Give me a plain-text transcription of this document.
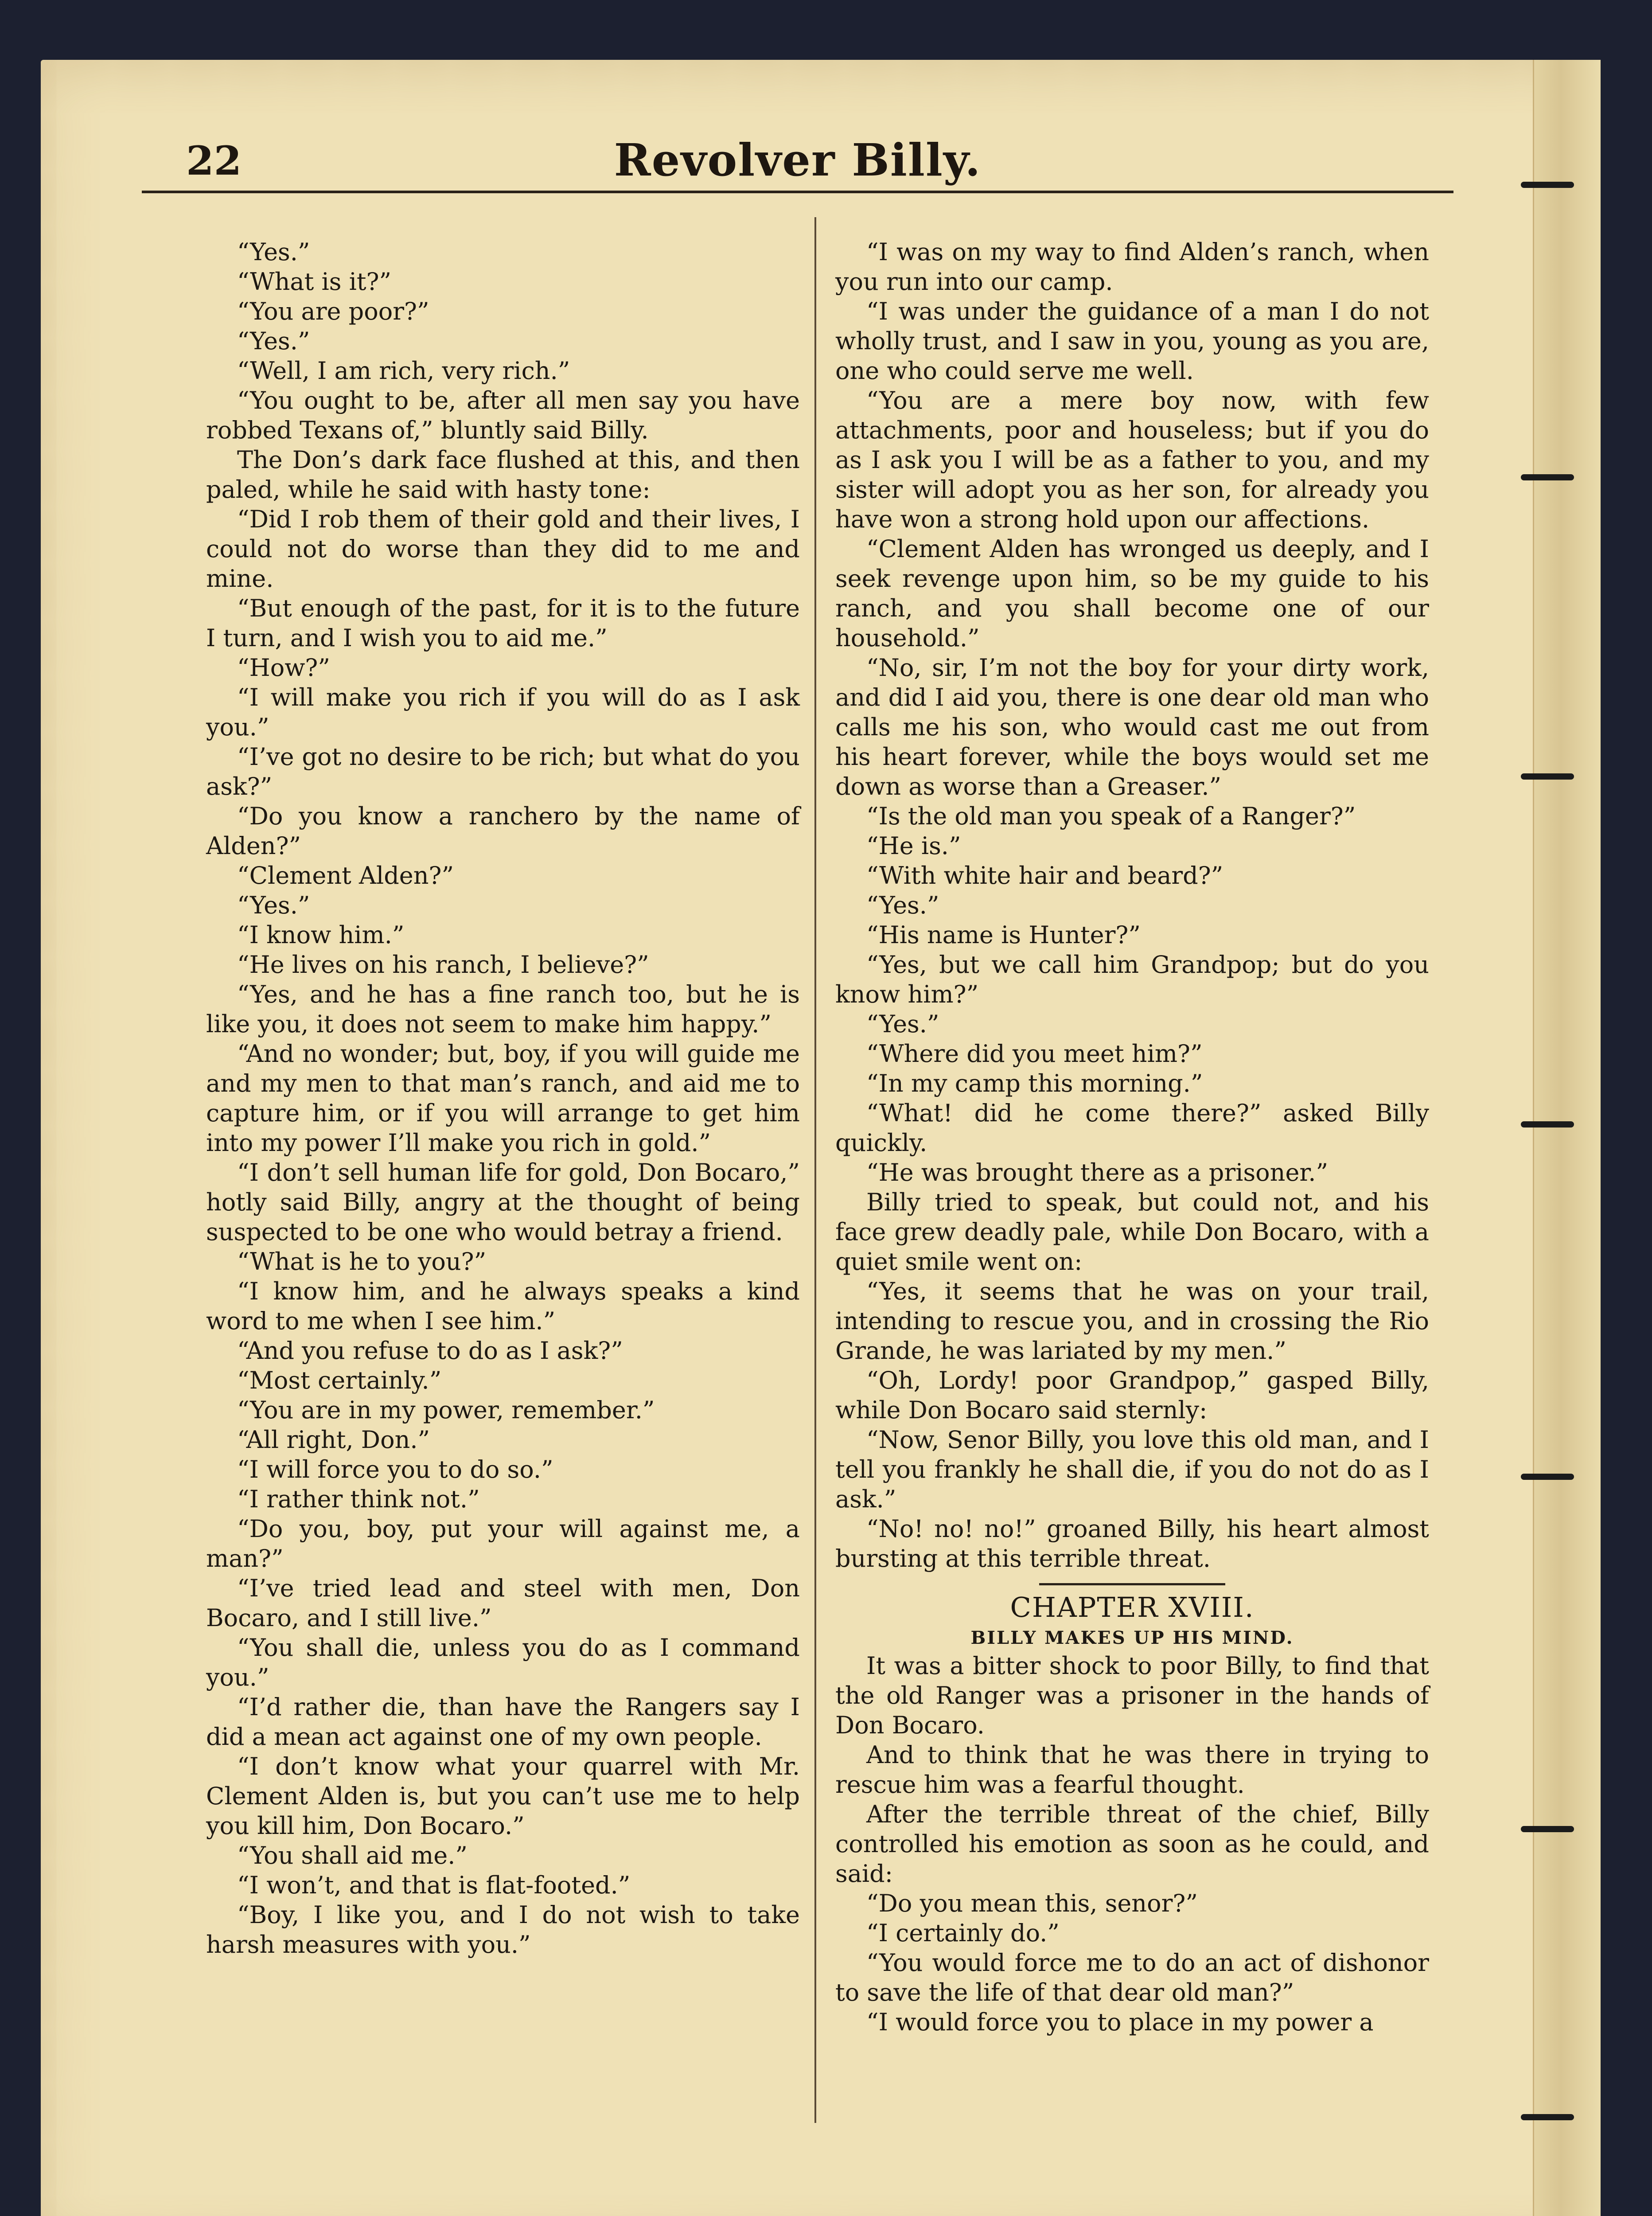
22	Revolver Billy.

“Yes.”

“What is it?”

“You are poor?”

“Yes.”

“Well, I am rich, very rich.”

“You ought to be, after all men say you have robbed Texans of,” bluntly said Billy.

The Don’s dark face flushed at this, and then paled, while he said with hasty tone:

“Did I rob them of their gold and their lives, I could not do worse than they did to me and mine.

“But enough of the past, for it is to the future I turn, and I wish you to aid me.”

“How?”

“I will make you rich if you will do as I ask you.”

“I’ve got no desire to be rich; but what do you ask?”

“Do you know a ranchero by the name of Alden?”

“Clement Alden?”

“Yes.”

“I know him.”

“He lives on his ranch, I believe?”

“Yes, and he has a fine ranch too, but he is like you, it does not seem to make him happy.”

“And no wonder; but, boy, if you will guide me and my men to that man’s ranch, and aid me to capture him, or if you will arrange to get him into my power I’ll make you rich in gold.”

“I don’t sell human life for gold, Don Bocaro,” hotly said Billy, angry at the thought of being suspected to be one who would betray a friend.

“What is he to you?”

“I know him, and he always speaks a kind word to me when I see him.”

“And you refuse to do as I ask?”

“Most certainly.”

“You are in my power, remember.”

“All right, Don.”

“I will force you to do so.”

“I rather think not.”

“Do you, boy, put your will against me, a man?”

“I’ve tried lead and steel with men, Don Bocaro, and I still live.”

“You shall die, unless you do as I command you.”

“I’d rather die, than have the Rangers say I did a mean act against one of my own people.

“I don’t know what your quarrel with Mr. Clement Alden is, but you can’t use me to help you kill him, Don Bocaro.”

“You shall aid me.”

“I won’t, and that is flat-footed.”

“Boy, I like you, and I do not wish to take harsh measures with you.”

“I was on my way to find Alden’s ranch, when you run into our camp.

“I was under the guidance of a man I do not wholly trust, and I saw in you, young as you are, one who could serve me well.

“You are a mere boy now, with few attachments, poor and houseless; but if you do as I ask you I will be as a father to you, and my sister will adopt you as her son, for already you have won a strong hold upon our affections.

“Clement Alden has wronged us deeply, and I seek revenge upon him, so be my guide to his ranch, and you shall become one of our household.”

“No, sir, I’m not the boy for your dirty work, and did I aid you, there is one dear old man who calls me his son, who would cast me out from his heart forever, while the boys would set me down as worse than a Greaser.”

“Is the old man you speak of a Ranger?”

“He is.”

“With white hair and beard?”

“Yes.”

“His name is Hunter?”

“Yes, but we call him Grandpop; but do you know him?”

“Yes.”

“Where did you meet him?”

“In my camp this morning.”

“What! did he come there?” asked Billy quickly.

“He was brought there as a prisoner.”

Billy tried to speak, but could not, and his face grew deadly pale, while Don Bocaro, with a quiet smile went on:

“Yes, it seems that he was on your trail, intending to rescue you, and in crossing the Rio Grande, he was lariated by my men.”

“Oh, Lordy! poor Grandpop,” gasped Billy, while Don Bocaro said sternly:

“Now, Senor Billy, you love this old man, and I tell you frankly he shall die, if you do not do as I ask.”

“No! no! no!” groaned Billy, his heart almost bursting at this terrible threat.

CHAPTER XVIII.

BILLY MAKES UP HIS MIND.

It was a bitter shock to poor Billy, to find that the old Ranger was a prisoner in the hands of Don Bocaro.

And to think that he was there in trying to rescue him was a fearful thought.

After the terrible threat of the chief, Billy controlled his emotion as soon as he could, and said:

“Do you mean this, senor?”

“I certainly do.”

“You would force me to do an act of dishonor to save the life of that dear old man?”

“I would force you to place in my power a
